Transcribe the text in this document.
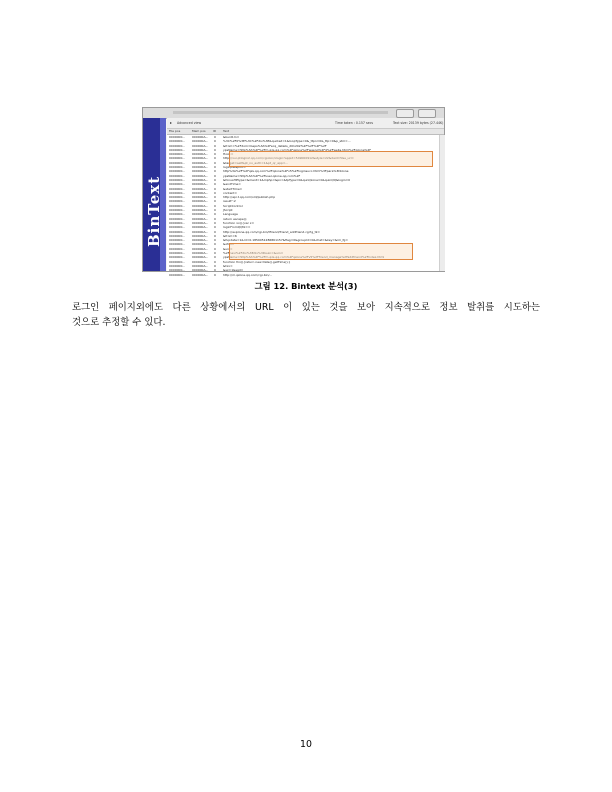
BinText
▸ Advanced view	Time taken : 0.157 secs	Text size: 20139 bytes (27.44K)
File pos	Mem pos ID Text
0000000... 000000A... 0 &buid1m=
0000000... 000000A... 0 %3C%2F0%3E%3C%2Fdiv%3E&quoted=1&loopType=0&_ttpn=0&_ttp=0&p_stm=...
0000000... 000000A... 0 &from=%2Fdom=beps%3A%2Fecq_details_201202%2F%2F%2F%2F
0000000... 000000A... 0 ypsName=http%3A%2F%2Fm.qzs.qq.com%2Fqzone%2Fwaeng%2F4%2Fwebs.html%2Fqzone%2F
0000000... 000000A... 0 Host:=
0000000... 000000A... 0 http://xui.ptlogin2.qq.com/cgi-bin/xlogin?appid=549000912&style=22&daid=5&s_url=
0000000... 000000A... 0 &target=self&pt_no_auth=1&pt_qr_app=...
0000000... 000000A... 0 loginpassport=
0000000... 000000A... 0 http%3A%2F%2Fqzs.qq.com%2Fqzone%2Fv5%2Floginsucc.html%3Fpara%3Dizone
0000000... 000000A... 0 ypsName=http%3A%2F%2Fuser.qzone.qq.com%2F
0000000... 000000A... 0 &fonusHPtype=&ment=1&mphp=&pn=&tpType=0&qunQzone=0&quinQQ&login=0
0000000... 000000A... 0 &endTime=
0000000... 000000A... 0 &startTime=
0000000... 000000A... 0 content=
0000000... 000000A... 0 http://api.t.qq.com/old/publish.php
0000000... 000000A... 0 result":2
0000000... 000000A... 0 ScriptControl
0000000... 000000A... 0 JScript
0000000... 000000A... 0 Language
0000000... 000000A... 0 return escape();
0000000... 000000A... 0 function xx(){var x=
0000000... 000000A... 0 loginFromQQtk==
0000000... 000000A... 0 http://w.qzone.qq.com/cgi-bin/tfriend/friend_addfriend.cgi?g_tk=
0000000... 000000A... 0 &from=6
0000000... 000000A... 0 &fupdate=1&rd=0.1859051286861157&flag=0&groupId=0&chat=&key=&im_fg=
0000000... 000000A... 0 &ofsn=
0000000... 000000A... 0 &uin=
0000000... 000000A... 0 %2Fnavi%2Fdiv%3Ediv%3Dsuin=&uin=
0000000... 000000A... 0 ypsName=http%3A%2F%2Fm.qzs.qq.com%2Fqzone%2Fv5%2Ffriend_manage%2Faddfriend%2Findex.html
0000000... 000000A... 0 function fnx(){return new Date().getTime();}
0000000... 000000A... 0 &txx=
0000000... 000000A... 0 &sx=1&sgd=
0000000... 000000A... 0 http://m.qzone.qq.com/cgi-bin/...
그림 12. Bintext 분석(3)
로그인 페이지외에도 다른 상황에서의 URL 이 있는 것을 보아 지속적으로 정보 탈취를 시도하는
것으로 추정할 수 있다.
10
